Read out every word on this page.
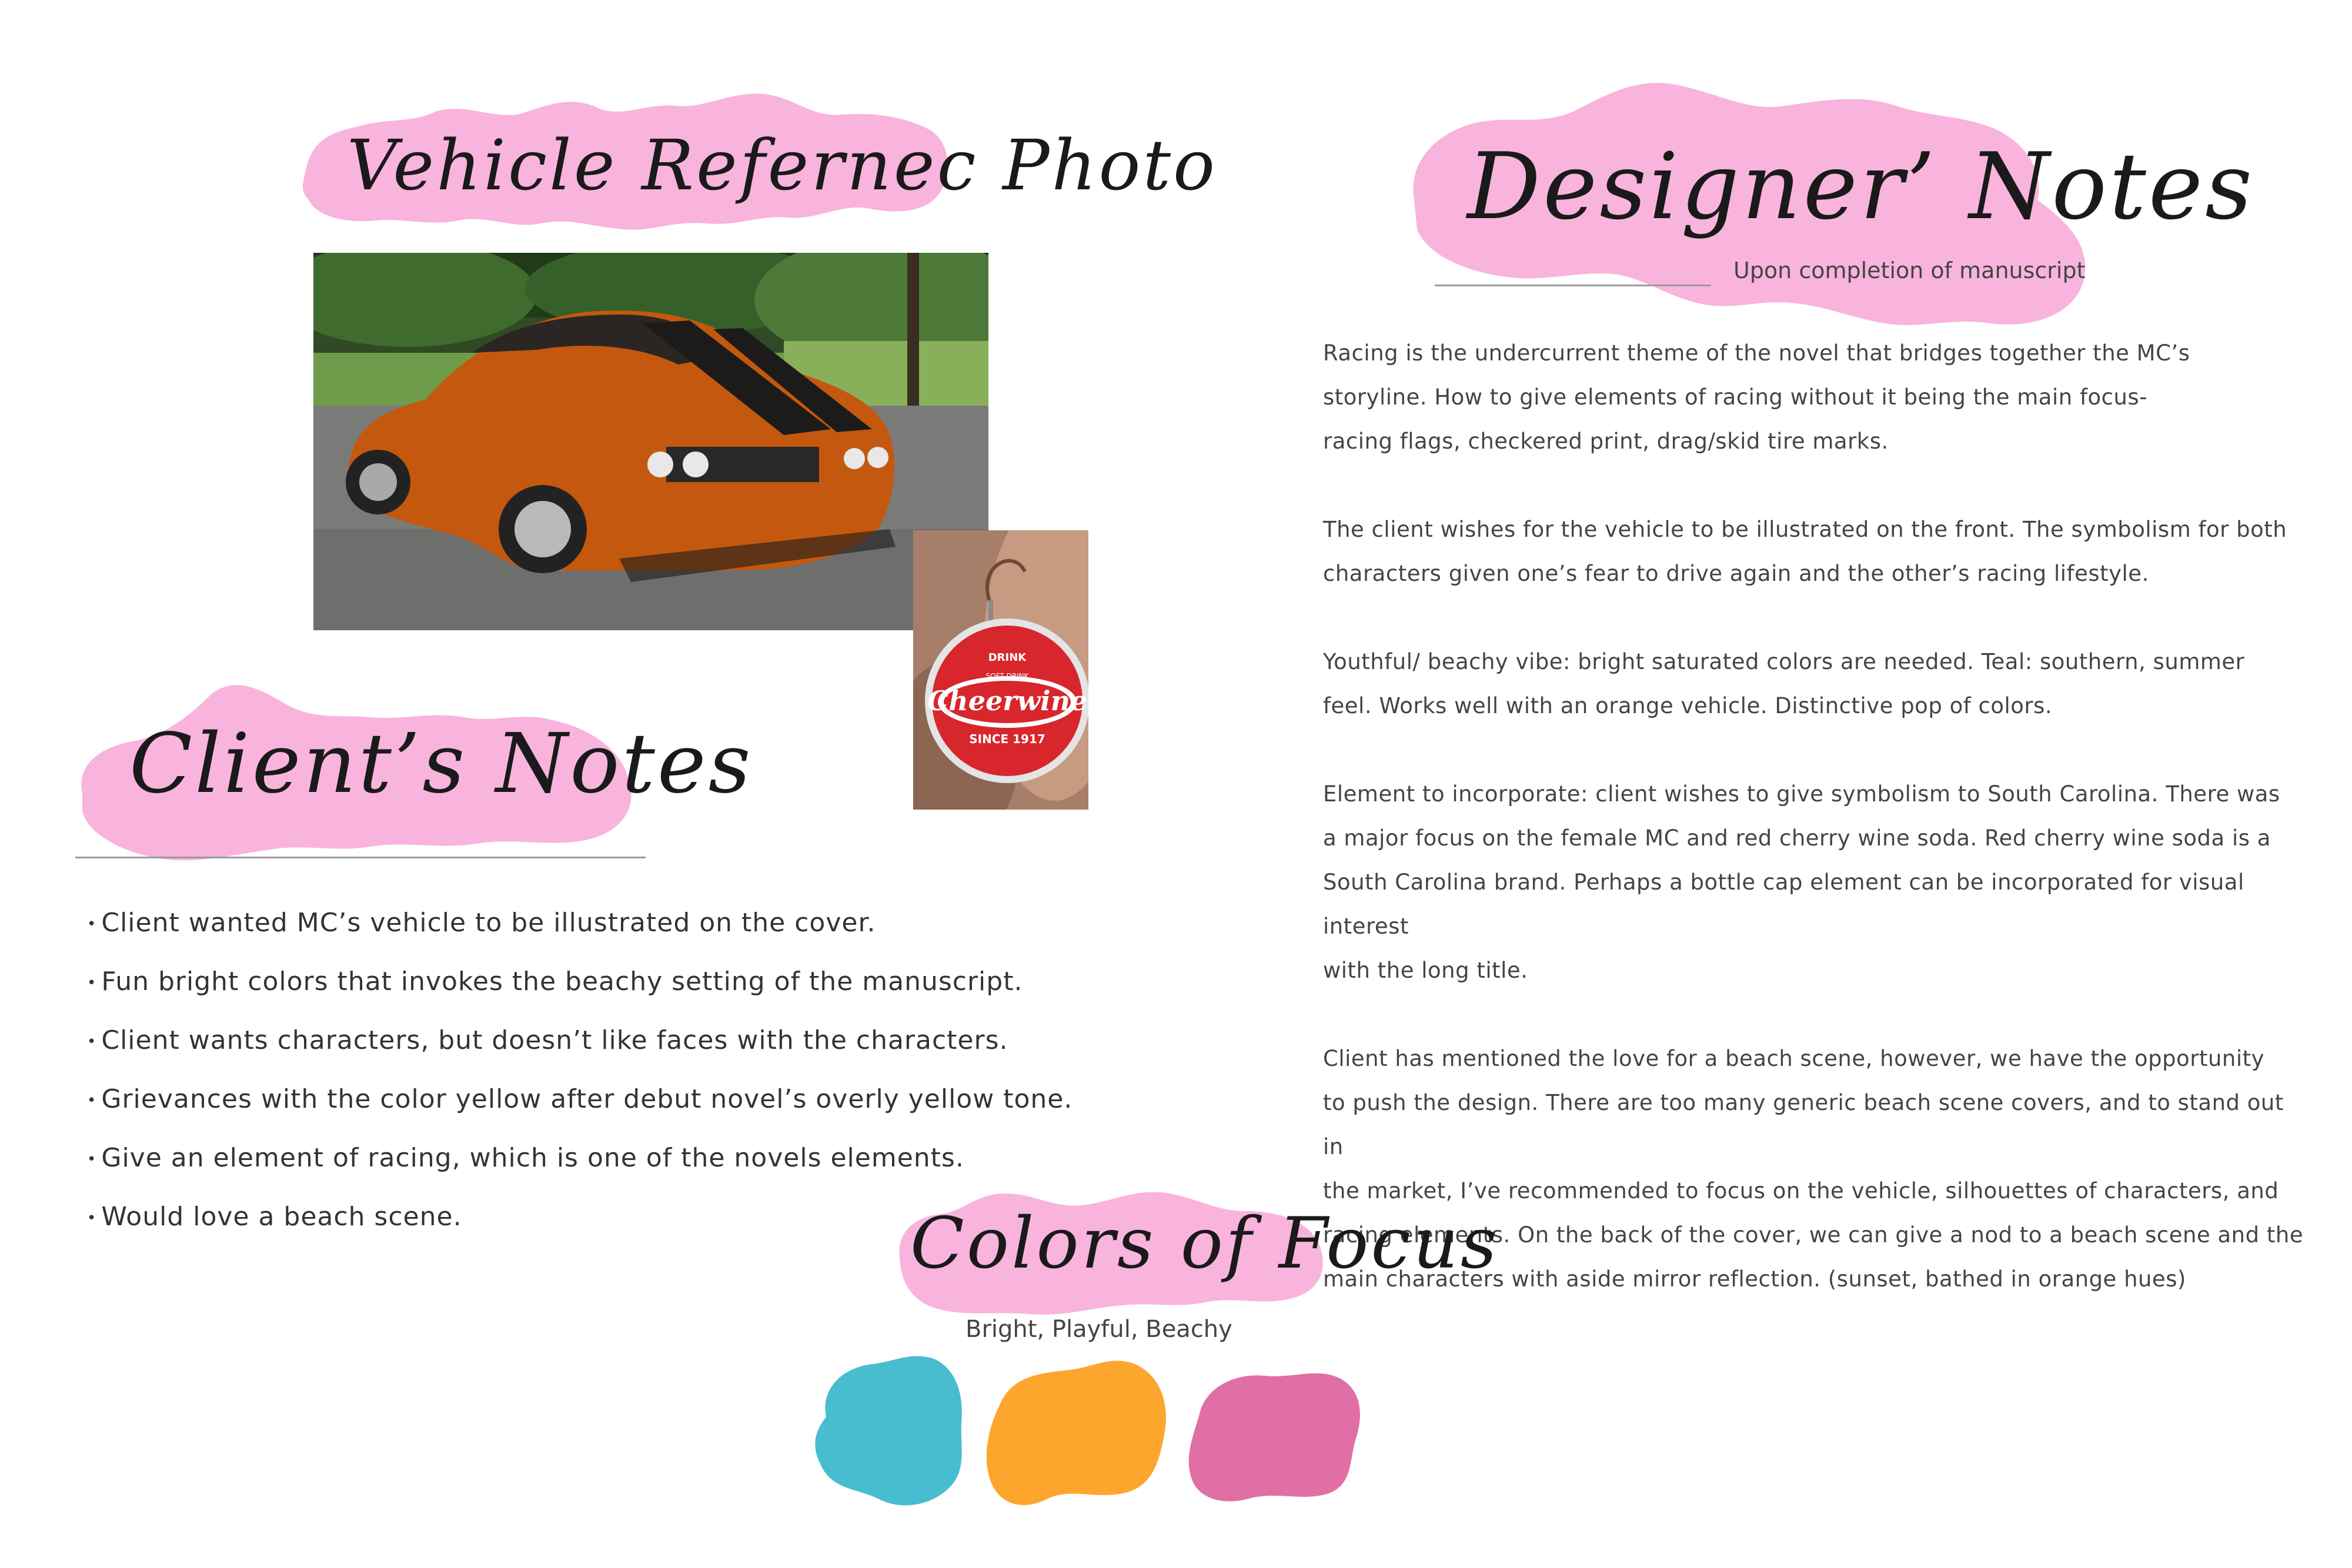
Vehicle Refernec Photo
DRINK
Cheerwine
SOFT DRINK
SINCE 1917
Client’s Notes
• Client wanted MC’s vehicle to be illustrated on the cover.
• Fun bright colors that invokes the beachy setting of the manuscript.
• Client wants characters, but doesn’t like faces with the characters.
• Grievances with the color yellow after debut novel’s overly yellow tone.
• Give an element of racing, which is one of the novels elements.
• Would love a beach scene.
Designer’ Notes
Upon completion of manuscript

Racing is the undercurrent theme of the novel that bridges together the MC’s
storyline. How to give elements of racing without it being the main focus-
racing flags, checkered print, drag/skid tire marks.

The client wishes for the vehicle to be illustrated on the front. The symbolism for both
characters given one’s fear to drive again and the other’s racing lifestyle.

Youthful/ beachy vibe: bright saturated colors are needed. Teal: southern, summer
feel. Works well with an orange vehicle. Distinctive pop of colors.

Element to incorporate: client wishes to give symbolism to South Carolina. There was
a major focus on the female MC and red cherry wine soda. Red cherry wine soda is a
South Carolina brand. Perhaps a bottle cap element can be incorporated for visual interest
with the long title.

Client has mentioned the love for a beach scene, however, we have the opportunity
to push the design. There are too many generic beach scene covers, and to stand out in
the market, I’ve recommended to focus on the vehicle, silhouettes of characters, and
racing elements. On the back of the cover, we can give a nod to a beach scene and the
main characters with aside mirror reflection. (sunset, bathed in orange hues)

Colors of Focus
Bright, Playful, Beachy
